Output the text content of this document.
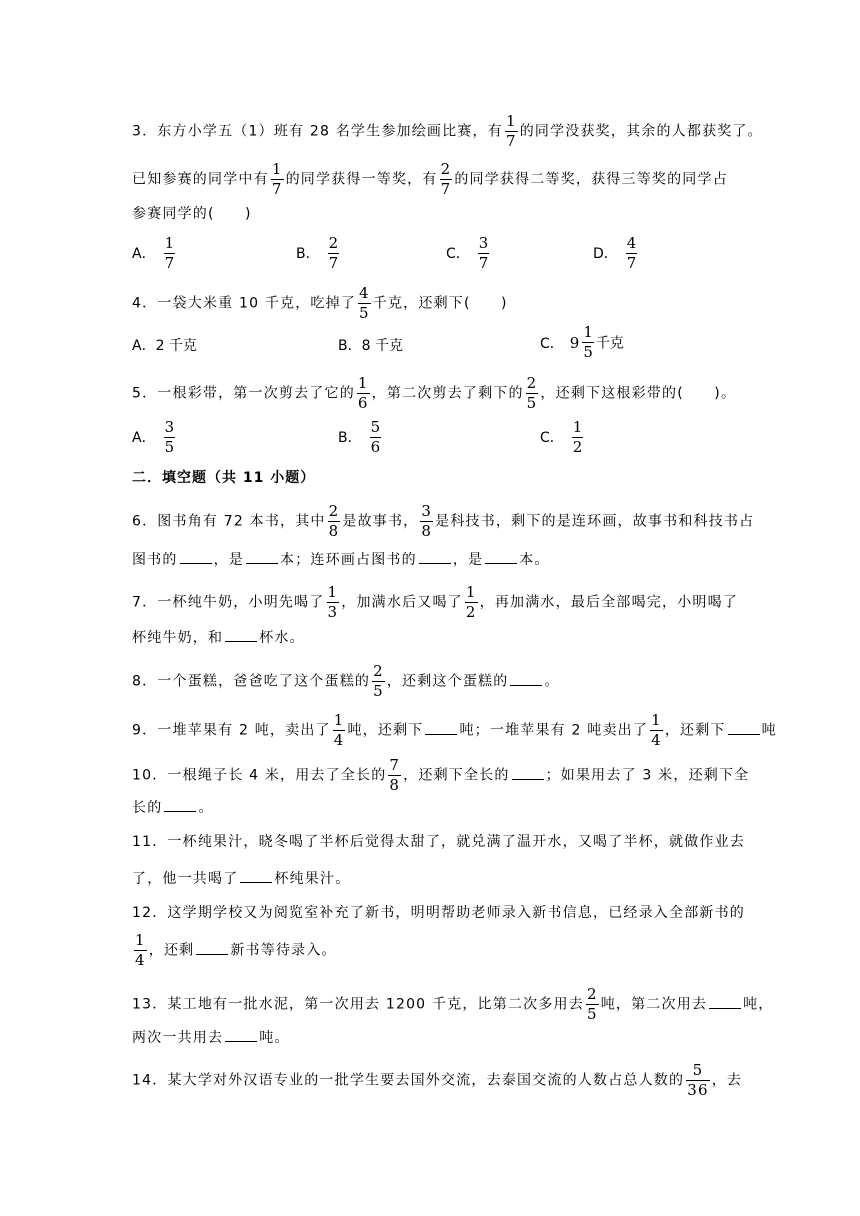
3．东方小学五（1）班有 28 名学生参加绘画比赛，有 $\frac{1}{7}$ 的同学没获奖，其余的人都获奖了。
已知参赛的同学中有 $\frac{1}{7}$ 的同学获得一等奖，有 $\frac{2}{7}$ 的同学获得二等奖，获得三等奖的同学占
参赛同学的(　　)
A． $\frac{1}{7}$	B． $\frac{2}{7}$	C． $\frac{3}{7}$	D． $\frac{4}{7}$
4．一袋大米重 10 千克，吃掉了 $\frac{4}{5}$ 千克，还剩下(　　)
A．2 千克	B．8 千克	C． $9 \frac{1}{5}$ 千克
5．一根彩带，第一次剪去了它的 $\frac{1}{6}$ ，第二次剪去了剩下的 $\frac{2}{5}$ ，还剩下这根彩带的(　　)。
A． $\frac{3}{5}$	B． $\frac{5}{6}$	C． $\frac{1}{2}$
二．填空题（共 11 小题）
6．图书角有 72 本书，其中 $\frac{2}{8}$ 是故事书， $\frac{3}{8}$ 是科技书，剩下的是连环画，故事书和科技书占
图书的	，是	本；连环画占图书的	，是	本。
7．一杯纯牛奶，小明先喝了 $\frac{1}{3}$ ，加满水后又喝了 $\frac{1}{2}$ ，再加满水，最后全部喝完，小明喝了
杯纯牛奶，和	杯水。
8．一个蛋糕，爸爸吃了这个蛋糕的 $\frac{2}{5}$ ，还剩这个蛋糕的	。
9．一堆苹果有 2 吨，卖出了 $\frac{1}{4}$ 吨，还剩下	吨；一堆苹果有 2 吨卖出了 $\frac{1}{4}$ ，还剩下	吨
10．一根绳子长 4 米，用去了全长的 $\frac{7}{8}$ ，还剩下全长的	；如果用去了 3 米，还剩下全
长的	。
11．一杯纯果汁，晓冬喝了半杯后觉得太甜了，就兑满了温开水，又喝了半杯，就做作业去
了，他一共喝了	杯纯果汁。
12．这学期学校又为阅览室补充了新书，明明帮助老师录入新书信息，已经录入全部新书的
$\frac{1}{4}$ ，还剩	新书等待录入。
13．某工地有一批水泥，第一次用去 1200 千克，比第二次多用去 $\frac{2}{5}$ 吨，第二次用去	吨，
两次一共用去	吨。
14．某大学对外汉语专业的一批学生要去国外交流，去泰国交流的人数占总人数的 $\frac{5}{36}$ ，去
